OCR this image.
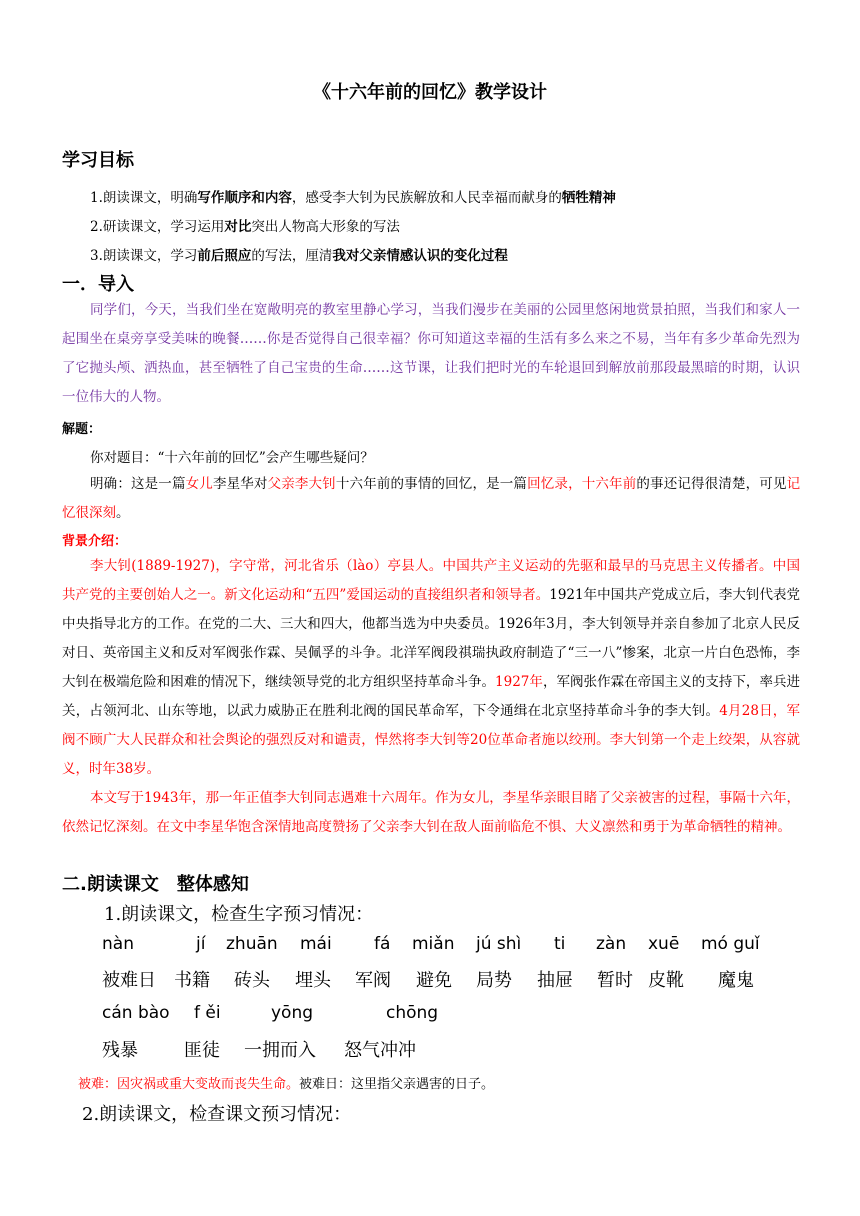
《十六年前的回忆》教学设计
学习目标
1.朗读课文，明确写作顺序和内容，感受李大钊为民族解放和人民幸福而献身的牺牲精神
2.研读课文，学习运用对比突出人物高大形象的写法
3.朗读课文，学习前后照应的写法，厘清我对父亲情感认识的变化过程
一．导入

同学们，今天，当我们坐在宽敞明亮的教室里静心学习，当我们漫步在美丽的公园里悠闲地赏景拍照，当我们和家人一起围坐在桌旁享受美味的晚餐……你是否觉得自己很幸福？你可知道这幸福的生活有多么来之不易，当年有多少革命先烈为了它抛头颅、洒热血，甚至牺牲了自己宝贵的生命……这节课，让我们把时光的车轮退回到解放前那段最黑暗的时期，认识一位伟大的人物。

解题：
你对题目：“十六年前的回忆”会产生哪些疑问？

明确：这是一篇女儿李星华对父亲李大钊十六年前的事情的回忆，是一篇回忆录，十六年前的事还记得很清楚，可见记忆很深刻。

背景介绍：

李大钊(1889-1927)，字守常，河北省乐（lào）亭县人。中国共产主义运动的先驱和最早的马克思主义传播者。中国共产党的主要创始人之一。新文化运动和“五四”爱国运动的直接组织者和领导者。1921年中国共产党成立后，李大钊代表党中央指导北方的工作。在党的二大、三大和四大，他都当选为中央委员。1926年3月，李大钊领导并亲自参加了北京人民反对日、英帝国主义和反对军阀张作霖、吴佩孚的斗争。北洋军阀段祺瑞执政府制造了“三一八”惨案，北京一片白色恐怖，李大钊在极端危险和困难的情况下，继续领导党的北方组织坚持革命斗争。1927年，军阀张作霖在帝国主义的支持下，率兵进关，占领河北、山东等地，以武力威胁正在胜利北阀的国民革命军，下令通缉在北京坚持革命斗争的李大钊。4月28日，军阀不顾广大人民群众和社会舆论的强烈反对和谴责，悍然将李大钊等20位革命者施以绞刑。李大钊第一个走上绞架，从容就义，时年38岁。

本文写于1943年，那一年正值李大钊同志遇难十六周年。作为女儿，李星华亲眼目睹了父亲被害的过程，事隔十六年，依然记忆深刻。在文中李星华饱含深情地高度赞扬了父亲李大钊在敌人面前临危不惧、大义凛然和勇于为革命牺牲的精神。

二.朗读课文　整体感知
1.朗读课文，检查生字预习情况：
nàn	jí zhuān mái fá miǎn jú shì ti zàn xuē mó guǐ
被难日 书籍 砖头 埋头 军阀 避免 局势 抽屉 暂时 皮靴 魔鬼
cán bào f ěi	yōng	chōng
残暴	匪徒 一拥而入 怒气冲冲
被难：因灾祸或重大变故而丧失生命。被难日：这里指父亲遇害的日子。
2.朗读课文，检查课文预习情况：
